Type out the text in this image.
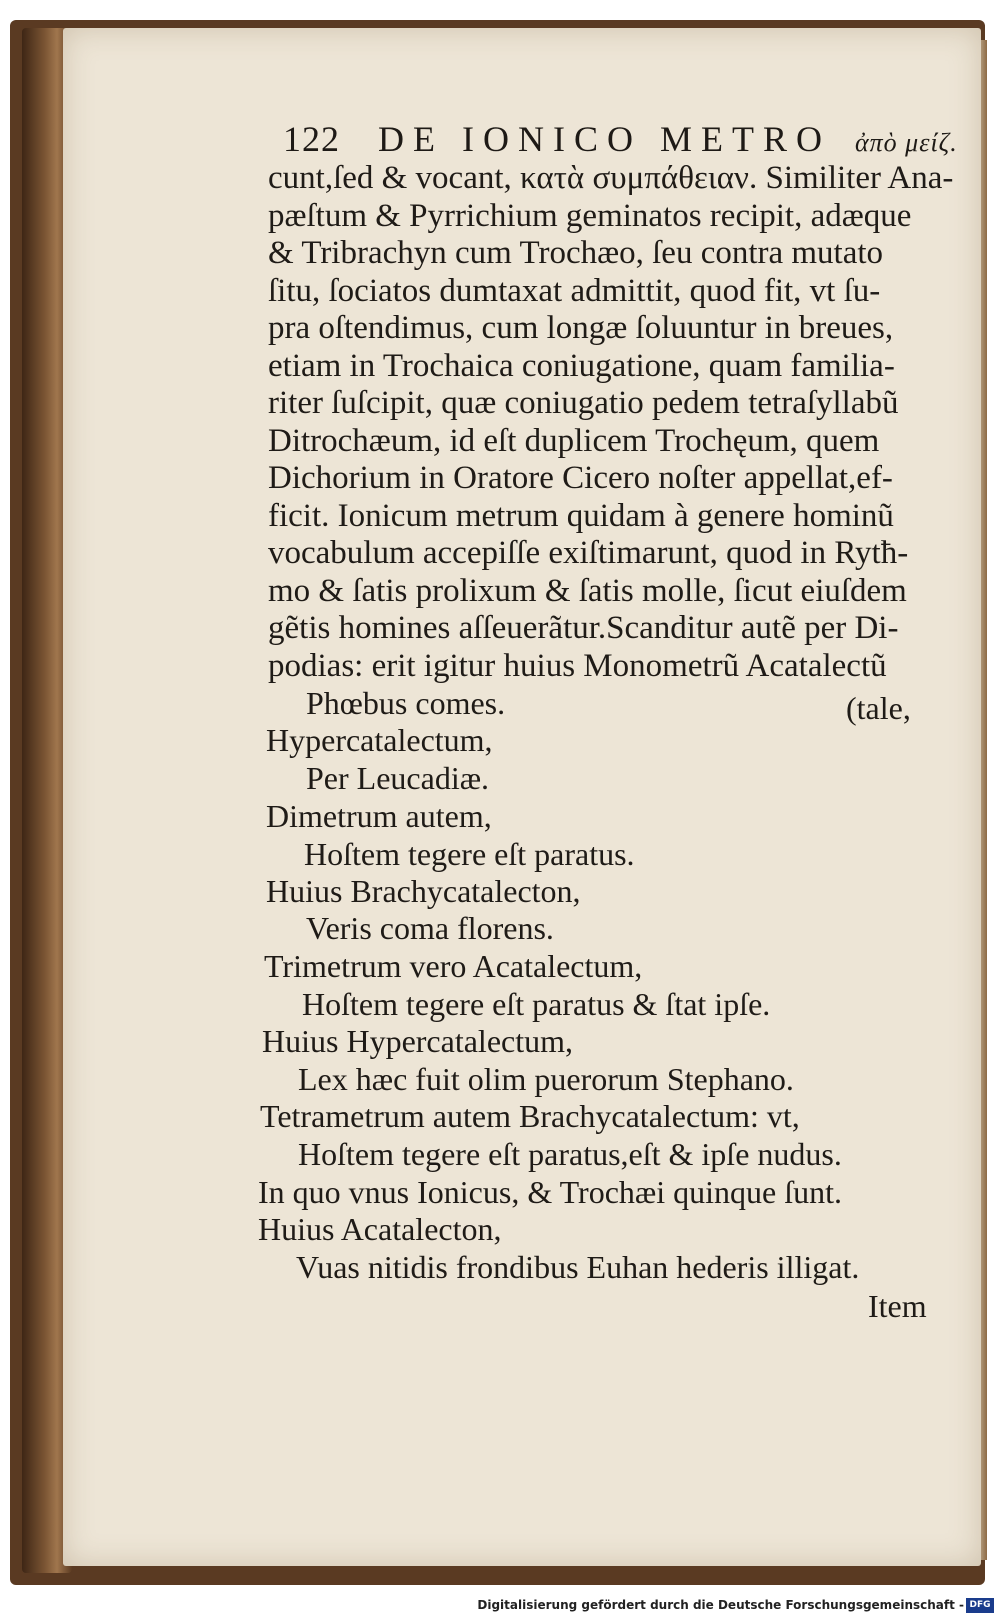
122 DE IONICO METRO ἀπὸ μείζ.
cunt,ſed & vocant, κατὰ συμπάθειαν. Similiter Ana-
pæſtum & Pyrrichium geminatos recipit, adæque
& Tribrachyn cum Trochæo, ſeu contra mutato
ſitu, ſociatos dumtaxat admittit, quod fit, vt ſu-
pra oſtendimus, cum longæ ſoluuntur in breues,
etiam in Trochaica coniugatione, quam familia-
riter ſuſcipit, quæ coniugatio pedem tetraſyllabũ
Ditrochæum, id eſt duplicem Trochęum, quem
Dichorium in Oratore Cicero noſter appellat,ef-
ficit. Ionicum metrum quidam à genere hominũ
vocabulum accepiſſe exiſtimarunt, quod in Rytħ-
mo & ſatis prolixum & ſatis molle, ſicut eiuſdem
gẽtis homines aſſeuerãtur.Scanditur autẽ per Di-
podias: erit igitur huius Monometrũ Acatalectũ
Phœbus comes.	(tale,
Hypercatalectum,
Per Leucadiæ.
Dimetrum autem,
Hoſtem tegere eſt paratus.
Huius Brachycatalecton,
Veris coma florens.
Trimetrum vero Acatalectum,
Hoſtem tegere eſt paratus & ſtat ipſe.
Huius Hypercatalectum,
Lex hæc fuit olim puerorum Stephano.
Tetrametrum autem Brachycatalectum: vt,
Hoſtem tegere eſt paratus,eſt & ipſe nudus.
In quo vnus Ionicus, & Trochæi quinque ſunt.
Huius Acatalecton,
Vuas nitidis frondibus Euhan hederis illigat.
Item
Digitalisierung gefördert durch die Deutsche Forschungsgemeinschaft - DFG
